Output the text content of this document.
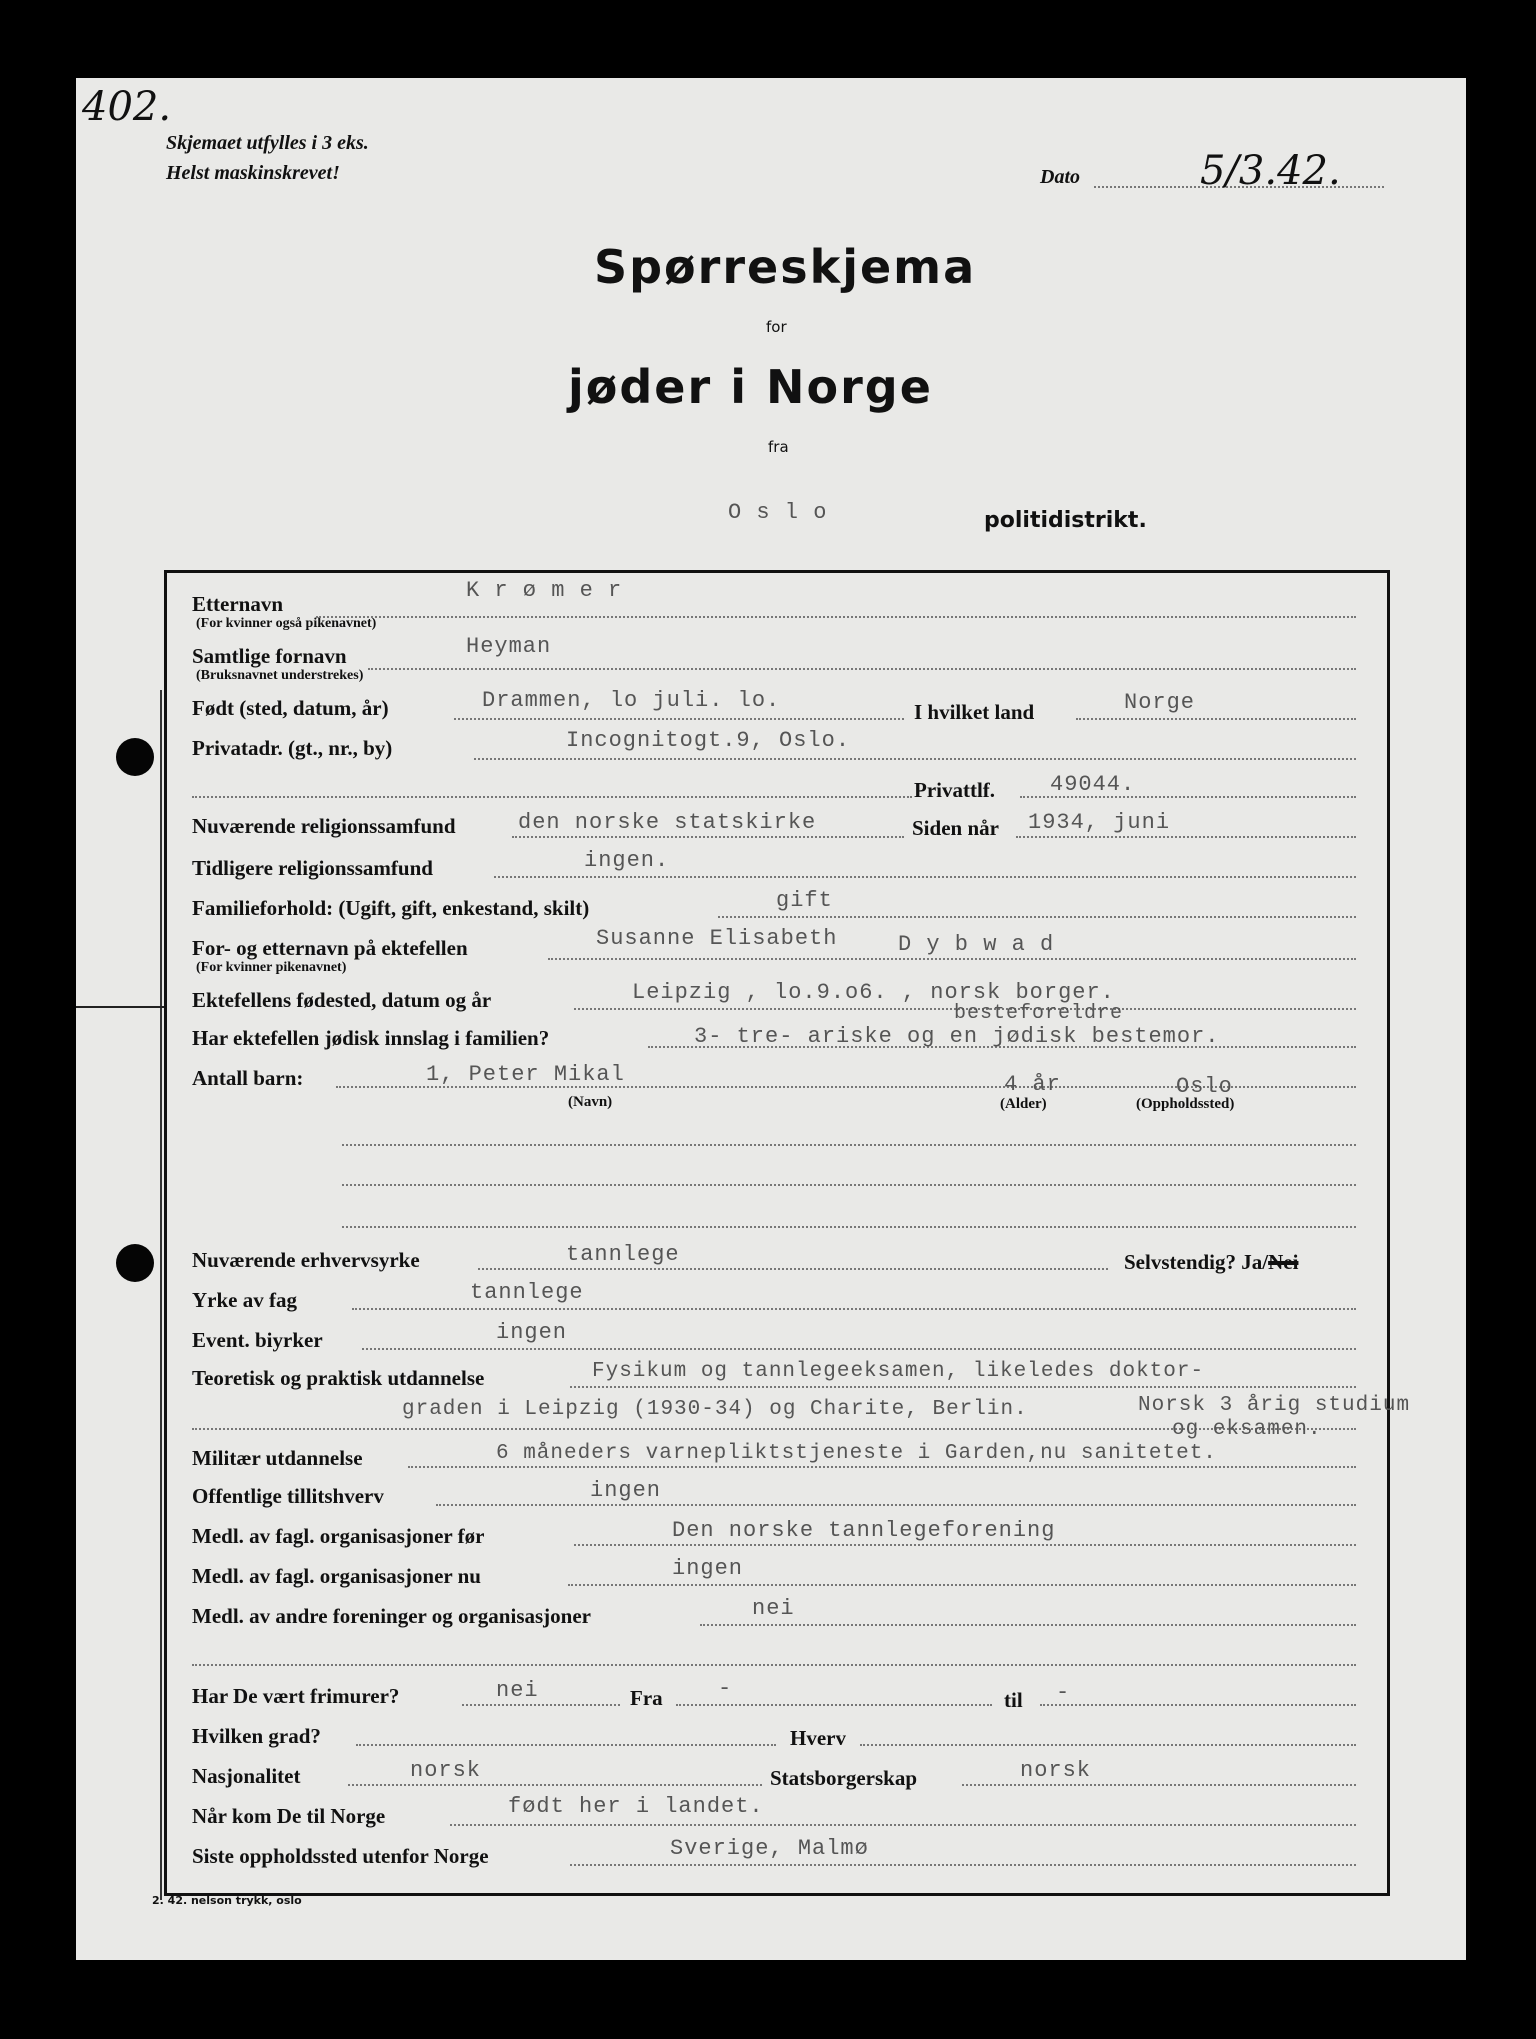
402.
Skjemaet utfylles i 3 eks.
Helst maskinskrevet!	Dato	5/3.42.
Spørreskjema
for
jøder i Norge
fra
O s l o	politidistrikt.
Etternavn
(For kvinner også pikenavnet)
K r ø m e r
Samtlige fornavn
(Bruksnavnet understrekes)
Heyman
Født (sted, datum, år)	Drammen, lo juli. lo.	I hvilket land	Norge
Privatadr. (gt., nr., by)	Incognitogt.9, Oslo.
Privattlf. 49044.
Nuværende religionssamfund	den norske statskirke	Siden når 1934, juni
Tidligere religionssamfund	ingen.
Familieforhold: (Ugift, gift, enkestand, skilt)	gift
For- og etternavn på ektefellen
(For kvinner pikenavnet)
Susanne Elisabeth	D y b w a d
Ektefellens fødested, datum og år	Leipzig , lo.9.o6. , norsk borger.
besteforeldre
Har ektefellen jødisk innslag i familien?	3- tre- ariske og en jødisk bestemor.
Antall barn:	1, Peter Mikal	4 år	Oslo
(Navn)	(Alder)	(Oppholdssted)
Nuværende erhvervsyrke	tannlege	Selvstendig? Ja/Nei
Yrke av fag	tannlege
Event. biyrker	ingen
Teoretisk og praktisk utdannelse	Fysikum og tannlegeeksamen, likeledes doktor-
graden i Leipzig (1930-34) og Charite, Berlin.	Norsk 3 årig studium
og eksamen.
Militær utdannelse	6 måneders varnepliktstjeneste i Garden,nu sanitetet.
Offentlige tillitshverv	ingen
Medl. av fagl. organisasjoner før	Den norske tannlegeforening
Medl. av fagl. organisasjoner nu	ingen
Medl. av andre foreninger og organisasjoner	nei
Har De vært frimurer?	nei	Fra	-	til -
Hvilken grad?	Hverv
Nasjonalitet	norsk	Statsborgerskap	norsk
Når kom De til Norge	født her i landet.
Siste oppholdssted utenfor Norge	Sverige, Malmø
2. 42. nelson trykk, oslo
